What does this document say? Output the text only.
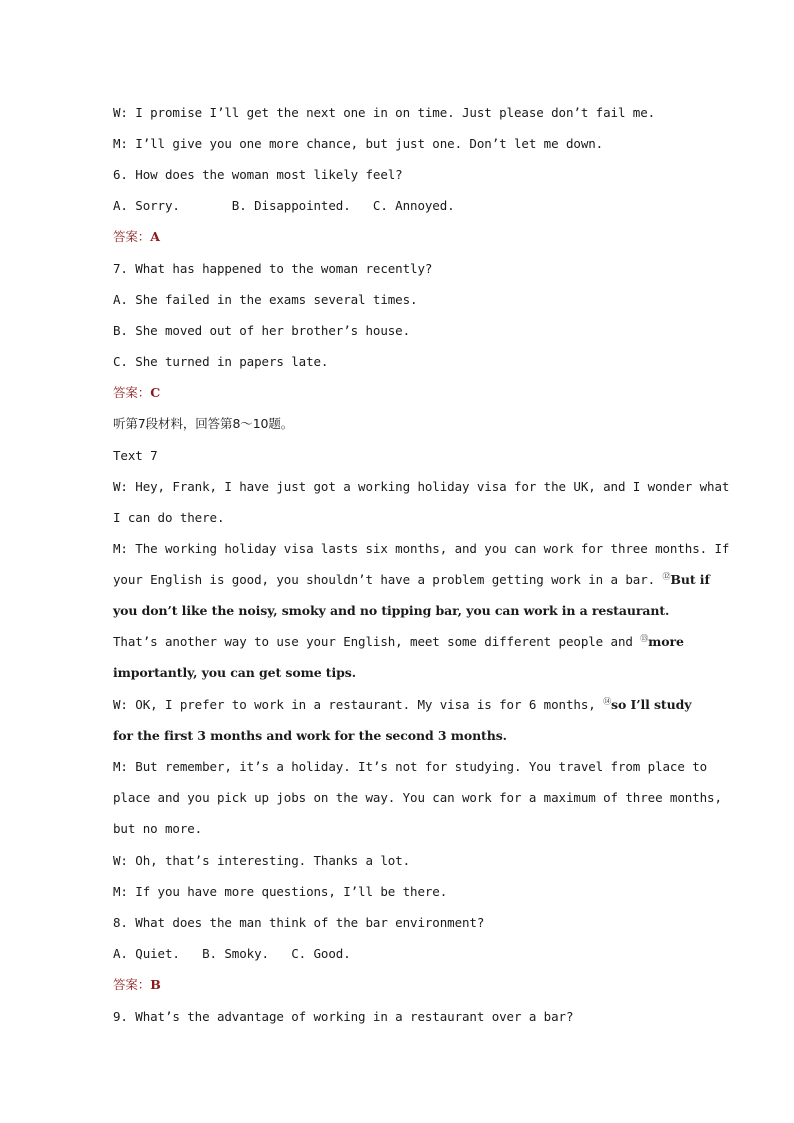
W: I promise I’ll get the next one in on time. Just please don’t fail me.
M: I’ll give you one more chance, but just one. Don’t let me down.
6. How does the woman most likely feel?
A. Sorry.       B. Disappointed.   C. Annoyed.
答案：A
7. What has happened to the woman recently?
A. She failed in the exams several times.
B. She moved out of her brother’s house.
C. She turned in papers late.
答案：C
听第7段材料，回答第8～10题。
Text 7
W: Hey, Frank, I have just got a working holiday visa for the UK, and I wonder what
I can do there.
M: The working holiday visa lasts six months, and you can work for three months. If
your English is good, you shouldn’t have a problem getting work in a bar. ⑫But if
you don’t like the noisy, smoky and no tipping bar, you can work in a restaurant.
That’s another way to use your English, meet some different people and ⑬more
importantly, you can get some tips.
W: OK, I prefer to work in a restaurant. My visa is for 6 months, ⑭so I’ll study
for the first 3 months and work for the second 3 months.
M: But remember, it’s a holiday. It’s not for studying. You travel from place to
place and you pick up jobs on the way. You can work for a maximum of three months,
but no more.
W: Oh, that’s interesting. Thanks a lot.
M: If you have more questions, I’ll be there.
8. What does the man think of the bar environment?
A. Quiet.   B. Smoky.   C. Good.
答案：B
9. What’s the advantage of working in a restaurant over a bar?
